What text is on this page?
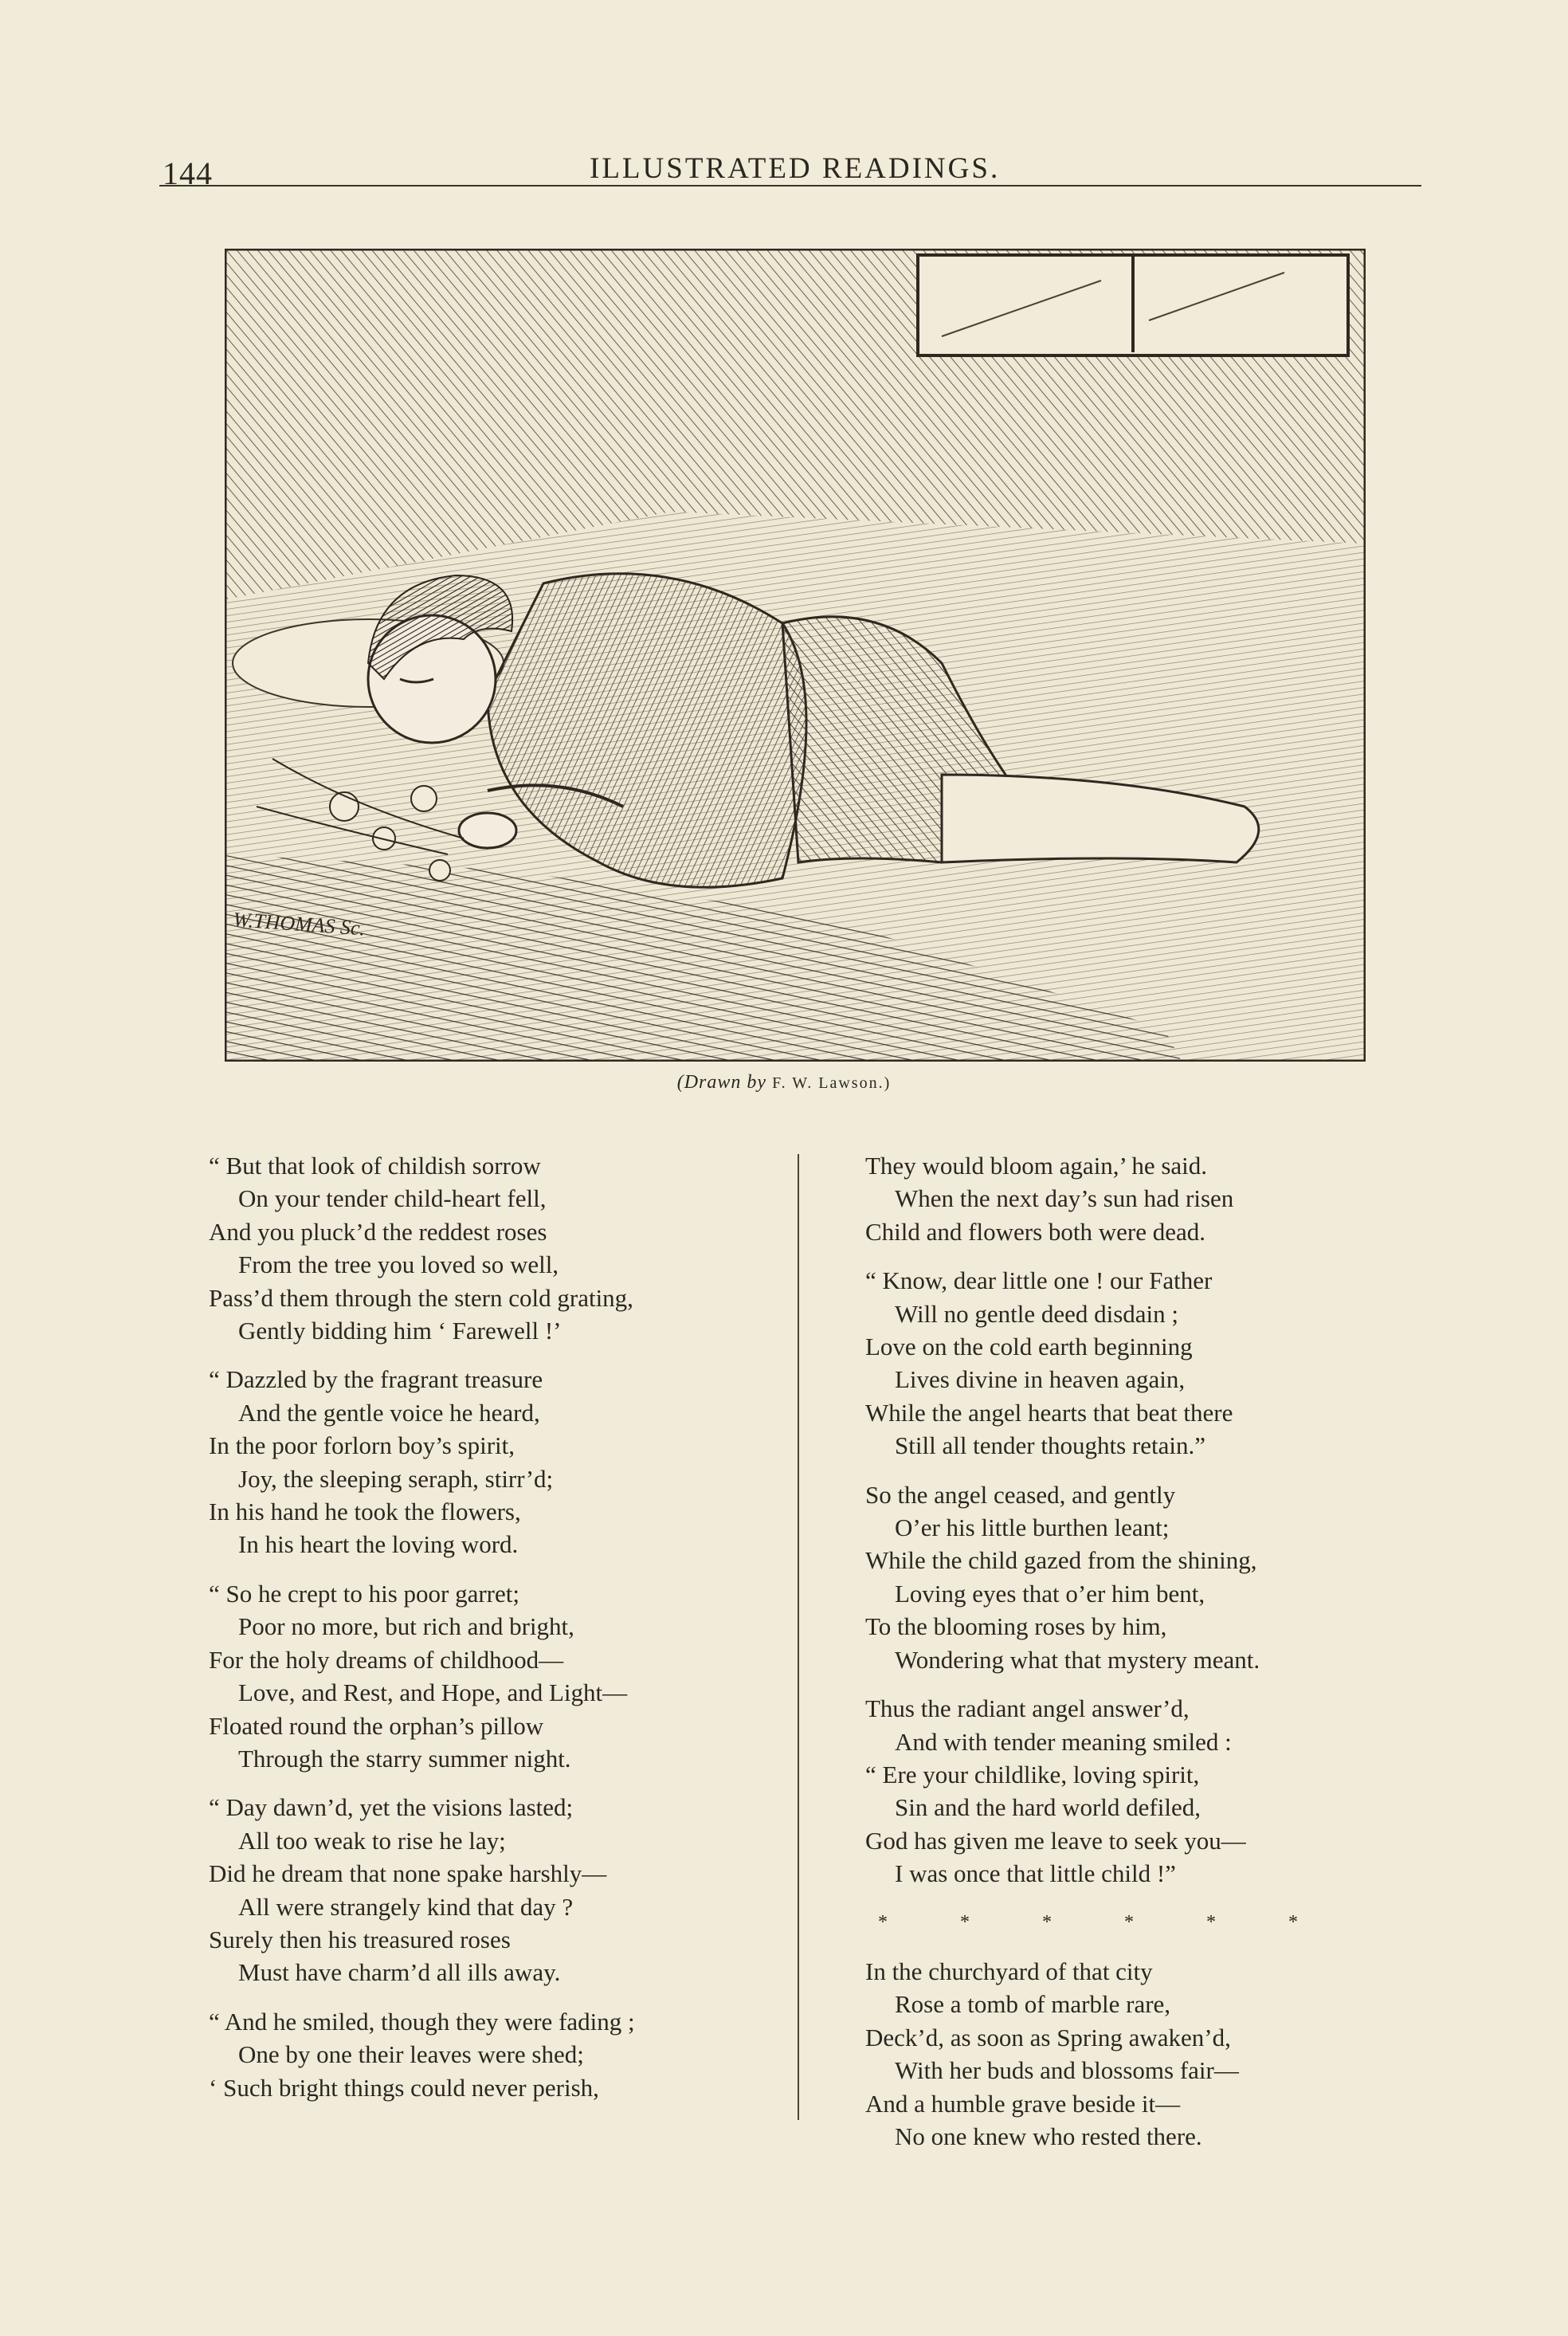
144	ILLUSTRATED READINGS.
W.THOMAS Sc.
(Drawn by F. W. Lawson.)
“ But that look of childish sorrow
On your tender child-heart fell,
And you pluck’d the reddest roses
From the tree you loved so well,
Pass’d them through the stern cold grating,
Gently bidding him ‘ Farewell !’
“ Dazzled by the fragrant treasure
And the gentle voice he heard,
In the poor forlorn boy’s spirit,
Joy, the sleeping seraph, stirr’d;
In his hand he took the flowers,
In his heart the loving word.
“ So he crept to his poor garret;
Poor no more, but rich and bright,
For the holy dreams of childhood—
Love, and Rest, and Hope, and Light—
Floated round the orphan’s pillow
Through the starry summer night.
“ Day dawn’d, yet the visions lasted;
All too weak to rise he lay;
Did he dream that none spake harshly—
All were strangely kind that day ?
Surely then his treasured roses
Must have charm’d all ills away.
“ And he smiled, though they were fading ;
One by one their leaves were shed;
‘ Such bright things could never perish,
They would bloom again,’ he said.
When the next day’s sun had risen
Child and flowers both were dead.
“ Know, dear little one ! our Father
Will no gentle deed disdain ;
Love on the cold earth beginning
Lives divine in heaven again,
While the angel hearts that beat there
Still all tender thoughts retain.”
So the angel ceased, and gently
O’er his little burthen leant;
While the child gazed from the shining,
Loving eyes that o’er him bent,
To the blooming roses by him,
Wondering what that mystery meant.
Thus the radiant angel answer’d,
And with tender meaning smiled :
“ Ere your childlike, loving spirit,
Sin and the hard world defiled,
God has given me leave to seek you—
I was once that little child !”
*	*	*	*	*	*
In the churchyard of that city
Rose a tomb of marble rare,
Deck’d, as soon as Spring awaken’d,
With her buds and blossoms fair—
And a humble grave beside it—
No one knew who rested there.
